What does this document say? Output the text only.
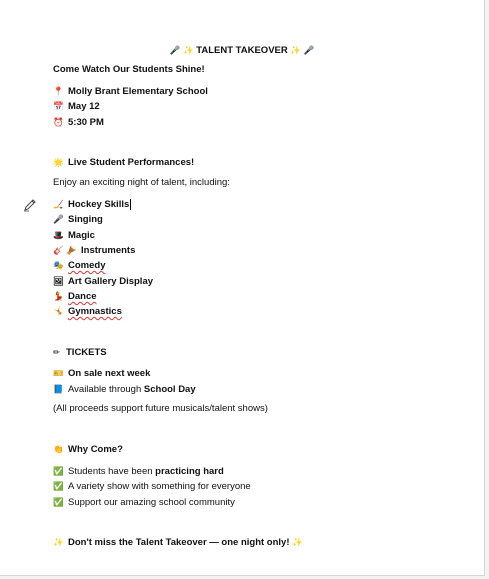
🎤 ✨ TALENT TAKEOVER ✨ 🎤
Come Watch Our Students Shine!
📍 Molly Brant Elementary School
📅 May 12
⏰ 5:30 PM
🌟 Live Student Performances!
Enjoy an exciting night of talent, including:
🏒 Hockey Skills
🎤 Singing
🎩 Magic
🎸 🪘 Instruments
🎭 Comedy
🖼 Art Gallery Display
💃 Dance
🤸 Gymnastics
✏ TICKETS
🎫 On sale next week
📘 Available through School Day
(All proceeds support future musicals/talent shows)
👏 Why Come?
✅ Students have been practicing hard
✅ A variety show with something for everyone
✅ Support our amazing school community
✨ Don't miss the Talent Takeover — one night only! ✨
